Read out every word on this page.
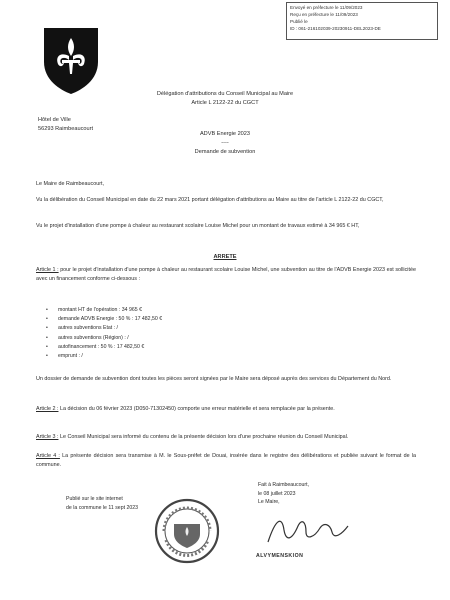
Envoyé en préfecture le 11/09/2023
Reçu en préfecture le 11/09/2023
Publié le
ID : 061-216102039-20230911-DEL2023-DE
Hôtel de Ville
56293 Raimbeaucourt
Délégation d'attributions du Conseil Municipal au Maire
Article L 2122-22 du CGCT
ADVB Energie 2023
----
Demande de subvention
Le Maire de Raimbeaucourt,
Vu la délibération du Conseil Municipal en date du 22 mars 2021 portant délégation d'attributions au Maire au titre de l'article L 2122-22 du CGCT,
Vu le projet d'installation d'une pompe à chaleur au restaurant scolaire Louise Michel pour un montant de travaux estimé à 34 965 € HT,
ARRETE
Article 1 : pour le projet d'installation d'une pompe à chaleur au restaurant scolaire Louise Michel, une subvention au titre de l'ADVB Energie 2023 est sollicitée avec un financement conforme ci-dessous :
• montant HT de l'opération : 34 965 €
• demande ADVB Energie : 50 % : 17 482,50 €
• autres subventions Etat : /
• autres subventions (Région) : /
• autofinancement : 50 % : 17 482,50 €
• emprunt : /
Un dossier de demande de subvention dont toutes les pièces seront signées par le Maire sera déposé auprès des services du Département du Nord.
Article 2 : La décision du 06 février 2023 (D050-71302450) comporte une erreur matérielle et sera remplacée par la présente.
Article 3 : Le Conseil Municipal sera informé du contenu de la présente décision lors d'une prochaine réunion du Conseil Municipal.
Article 4 : La présente décision sera transmise à M. le Sous-préfet de Douai, insérée dans le registre des délibérations et publiée suivant le format de la commune.
Publié sur le site internet
de la commune le 11 sept 2023
Fait à Raimbeaucourt,
le 08 juillet 2023
Le Maire,
ALVYMENSKION
